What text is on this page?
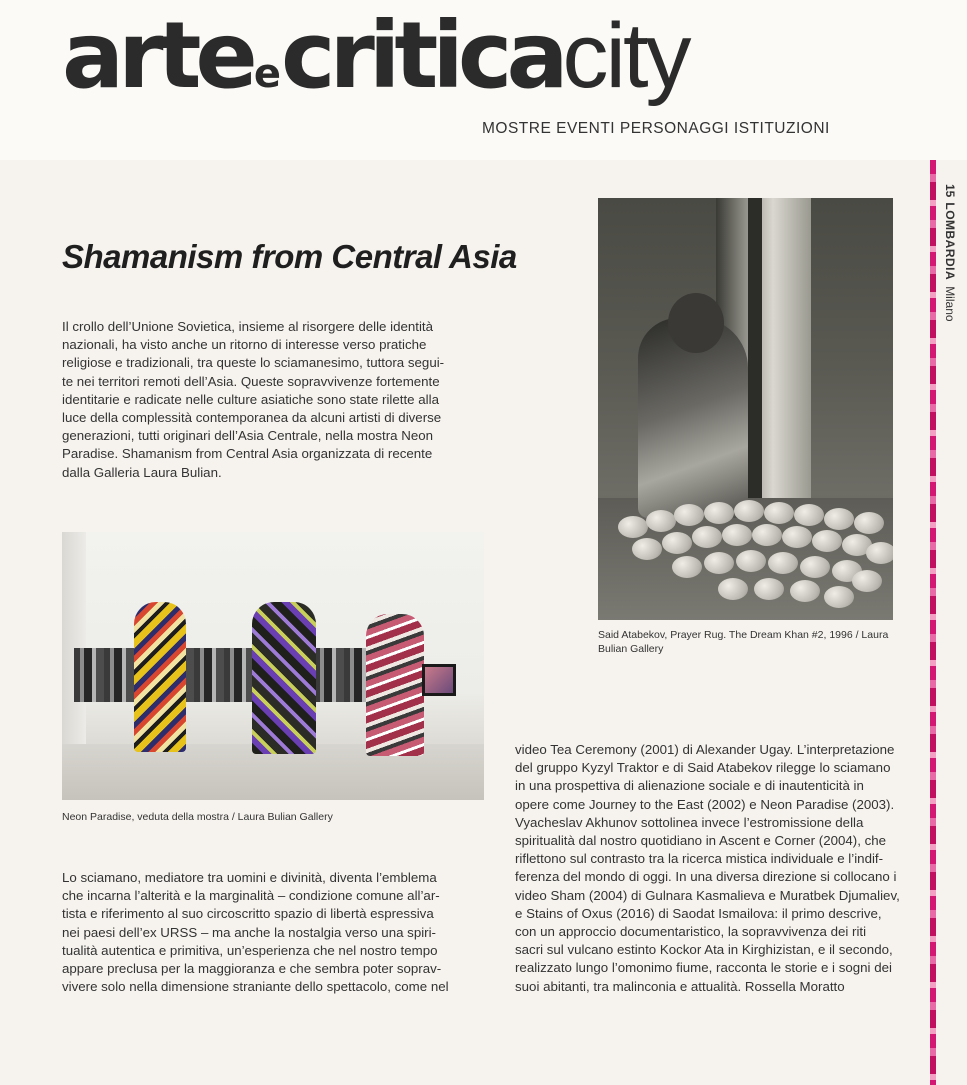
arteecriticacity
MOSTRE EVENTI PERSONAGGI ISTITUZIONI
15LOMBARDIAMilano
Shamanism from Central Asia
Il crollo dell’Unione Sovietica, insieme al risorgere delle identità
nazionali, ha visto anche un ritorno di interesse verso pratiche
religiose e tradizionali, tra queste lo sciamanesimo, tuttora segui-
te nei territori remoti dell’Asia. Queste sopravvivenze fortemente
identitarie e radicate nelle culture asiatiche sono state rilette alla
luce della complessità contemporanea da alcuni artisti di diverse
generazioni, tutti originari dell’Asia Centrale, nella mostra Neon
Paradise. Shamanism from Central Asia organizzata di recente
dalla Galleria Laura Bulian.
Said Atabekov, Prayer Rug. The Dream Khan #2, 1996 / Laura
Bulian Gallery
Neon Paradise, veduta della mostra / Laura Bulian Gallery
Lo sciamano, mediatore tra uomini e divinità, diventa l’emblema
che incarna l’alterità e la marginalità – condizione comune all’ar-
tista e riferimento al suo circoscritto spazio di libertà espressiva
nei paesi dell’ex URSS – ma anche la nostalgia verso una spiri-
tualità autentica e primitiva, un’esperienza che nel nostro tempo
appare preclusa per la maggioranza e che sembra poter soprav-
vivere solo nella dimensione straniante dello spettacolo, come nel
video Tea Ceremony (2001) di Alexander Ugay. L’interpretazione
del gruppo Kyzyl Traktor e di Said Atabekov rilegge lo sciamano
in una prospettiva di alienazione sociale e di inautenticità in
opere come Journey to the East (2002) e Neon Paradise (2003).
Vyacheslav Akhunov sottolinea invece l’estromissione della
spiritualità dal nostro quotidiano in Ascent e Corner (2004), che
riflettono sul contrasto tra la ricerca mistica individuale e l’indif-
ferenza del mondo di oggi. In una diversa direzione si collocano i
video Sham (2004) di Gulnara Kasmalieva e Muratbek Djumaliev,
e Stains of Oxus (2016) di Saodat Ismailova: il primo descrive,
con un approccio documentaristico, la sopravvivenza dei riti
sacri sul vulcano estinto Kockor Ata in Kirghizistan, e il secondo,
realizzato lungo l’omonimo fiume, racconta le storie e i sogni dei
suoi abitanti, tra malinconia e attualità. Rossella Moratto
